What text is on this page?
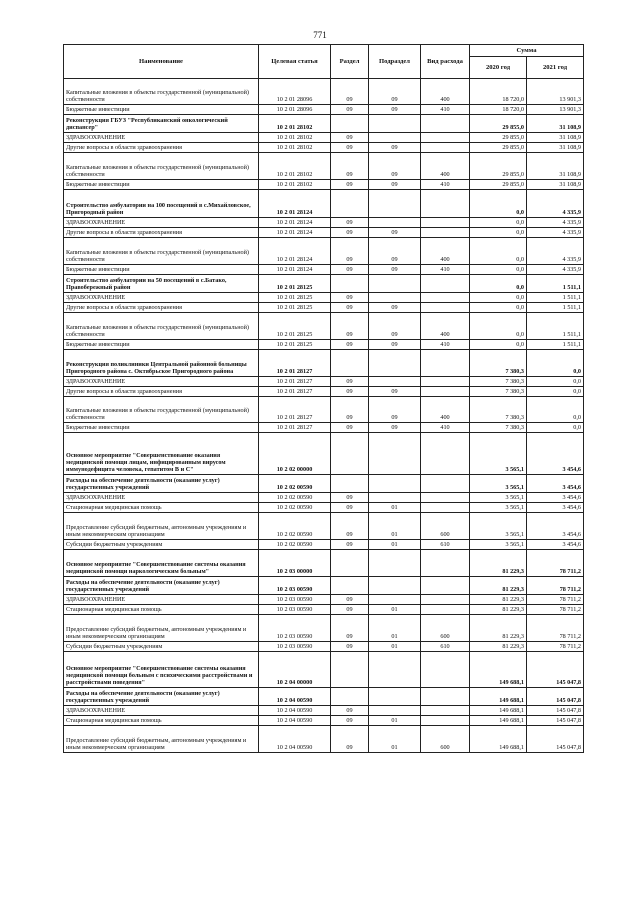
771
Наименование	Целевая статья	Раздел	Подраздел	Вид расхода	Сумма	
					2020 год	2021 год
Капитальные вложения в объекты государственной (муниципальной) собственности	10 2 01 28096	09	09	400	18 720,0	13 901,3
Бюджетные инвестиции	10 2 01 28096	09	09	410	18 720,0	13 901,3
Реконструкция ГБУЗ "Республиканский онкологический диспансер"	10 2 01 28102				29 855,0	31 108,9
ЗДРАВООХРАНЕНИЕ	10 2 01 28102	09			29 855,0	31 108,9
Другие вопросы в области здравоохранения	10 2 01 28102	09	09		29 855,0	31 108,9
Капитальные вложения в объекты государственной (муниципальной) собственности	10 2 01 28102	09	09	400	29 855,0	31 108,9
Бюджетные инвестиции	10 2 01 28102	09	09	410	29 855,0	31 108,9
Строительство амбулатории на 100 посещений в с.Михайловское, Пригородный район	10 2 01 28124				0,0	4 335,9
ЗДРАВООХРАНЕНИЕ	10 2 01 28124	09			0,0	4 335,9
Другие вопросы в области здравоохранения	10 2 01 28124	09	09		0,0	4 335,9
Капитальные вложения в объекты государственной (муниципальной) собственности	10 2 01 28124	09	09	400	0,0	4 335,9
Бюджетные инвестиции	10 2 01 28124	09	09	410	0,0	4 335,9
Строительство амбулатории на 50 посещений в с.Батако, Правобережный район	10 2 01 28125				0,0	1 511,1
ЗДРАВООХРАНЕНИЕ	10 2 01 28125	09			0,0	1 511,1
Другие вопросы в области здравоохранения	10 2 01 28125	09	09		0,0	1 511,1
Капитальные вложения в объекты государственной (муниципальной) собственности	10 2 01 28125	09	09	400	0,0	1 511,1
Бюджетные инвестиции	10 2 01 28125	09	09	410	0,0	1 511,1
Реконструкция поликлиники Центральной районной больницы Пригородного района с. Октябрьское Пригородного района	10 2 01 28127				7 380,3	0,0
ЗДРАВООХРАНЕНИЕ	10 2 01 28127	09			7 380,3	0,0
Другие вопросы в области здравоохранения	10 2 01 28127	09	09		7 380,3	0,0
Капитальные вложения в объекты государственной (муниципальной) собственности	10 2 01 28127	09	09	400	7 380,3	0,0
Бюджетные инвестиции	10 2 01 28127	09	09	410	7 380,3	0,0
Основное мероприятие "Совершенствование оказания медицинской помощи лицам, инфицированным вирусом иммунодефицита человека, гепатитом В и С"	10 2 02 00000				3 565,1	3 454,6
Расходы на обеспечение деятельности (оказание услуг) государственных учреждений	10 2 02 00590				3 565,1	3 454,6
ЗДРАВООХРАНЕНИЕ	10 2 02 00590	09			3 565,1	3 454,6
Стационарная медицинская помощь	10 2 02 00590	09	01		3 565,1	3 454,6
Предоставление субсидий бюджетным, автономным учреждениям и иным некоммерческим организациям	10 2 02 00590	09	01	600	3 565,1	3 454,6
Субсидии бюджетным учреждениям	10 2 02 00590	09	01	610	3 565,1	3 454,6
Основное мероприятие "Совершенствование системы оказания медицинской помощи наркологическим больным"	10 2 03 00000				81 229,3	78 711,2
Расходы на обеспечение деятельности (оказание услуг) государственных учреждений	10 2 03 00590				81 229,3	78 711,2
ЗДРАВООХРАНЕНИЕ	10 2 03 00590	09			81 229,3	78 711,2
Стационарная медицинская помощь	10 2 03 00590	09	01		81 229,3	78 711,2
Предоставление субсидий бюджетным, автономным учреждениям и иным некоммерческим организациям	10 2 03 00590	09	01	600	81 229,3	78 711,2
Субсидии бюджетным учреждениям	10 2 03 00590	09	01	610	81 229,3	78 711,2
Основное мероприятие "Совершенствование системы оказания медицинской помощи больным с психическими расстройствами и расстройствами поведения"	10 2 04 00000				149 688,1	145 047,8
Расходы на обеспечение деятельности (оказание услуг) государственных учреждений	10 2 04 00590				149 688,1	145 047,8
ЗДРАВООХРАНЕНИЕ	10 2 04 00590	09			149 688,1	145 047,8
Стационарная медицинская помощь	10 2 04 00590	09	01		149 688,1	145 047,8
Предоставление субсидий бюджетным, автономным учреждениям и иным некоммерческим организациям	10 2 04 00590	09	01	600	149 688,1	145 047,8
